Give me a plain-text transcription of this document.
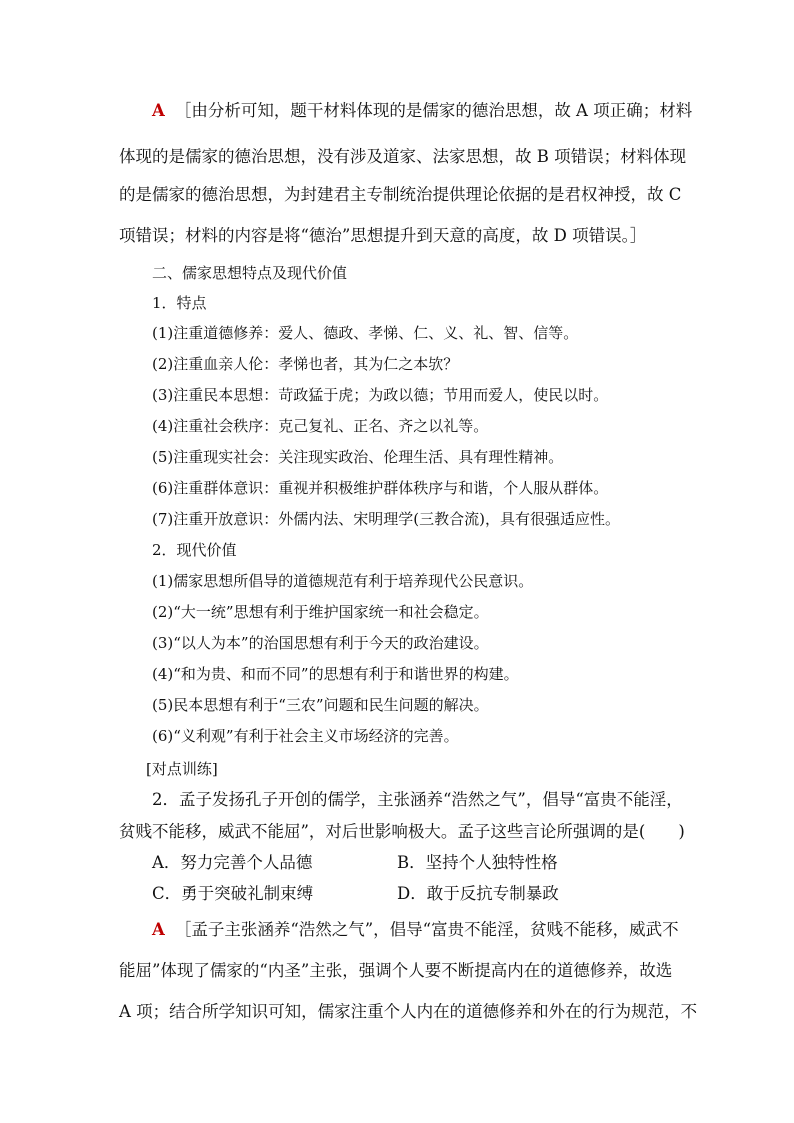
A ［由分析可知，题干材料体现的是儒家的德治思想，故 A 项正确；材料
体现的是儒家的德治思想，没有涉及道家、法家思想，故 B 项错误；材料体现
的是儒家的德治思想，为封建君主专制统治提供理论依据的是君权神授，故 C
项错误；材料的内容是将“德治”思想提升到天意的高度，故 D 项错误。］
二、儒家思想特点及现代价值
1．特点
(1)注重道德修养：爱人、德政、孝悌、仁、义、礼、智、信等。
(2)注重血亲人伦：孝悌也者，其为仁之本欤？
(3)注重民本思想：苛政猛于虎；为政以德；节用而爱人，使民以时。
(4)注重社会秩序：克己复礼、正名、齐之以礼等。
(5)注重现实社会：关注现实政治、伦理生活、具有理性精神。
(6)注重群体意识：重视并积极维护群体秩序与和谐，个人服从群体。
(7)注重开放意识：外儒内法、宋明理学(三教合流)，具有很强适应性。
2．现代价值
(1)儒家思想所倡导的道德规范有利于培养现代公民意识。
(2)“大一统”思想有利于维护国家统一和社会稳定。
(3)“以人为本”的治国思想有利于今天的政治建设。
(4)“和为贵、和而不同”的思想有利于和谐世界的构建。
(5)民本思想有利于“三农”问题和民生问题的解决。
(6)“义利观”有利于社会主义市场经济的完善。
[对点训练]
2．孟子发扬孔子开创的儒学，主张涵养“浩然之气”，倡导“富贵不能淫，
贫贱不能移，威武不能屈”，对后世影响极大。孟子这些言论所强调的是(　　)
A．努力完善个人品德	B．坚持个人独特性格
C．勇于突破礼制束缚	D．敢于反抗专制暴政
A ［孟子主张涵养“浩然之气”，倡导“富贵不能淫，贫贱不能移，威武不
能屈”体现了儒家的“内圣”主张，强调个人要不断提高内在的道德修养，故选
A 项；结合所学知识可知，儒家注重个人内在的道德修养和外在的行为规范，不
